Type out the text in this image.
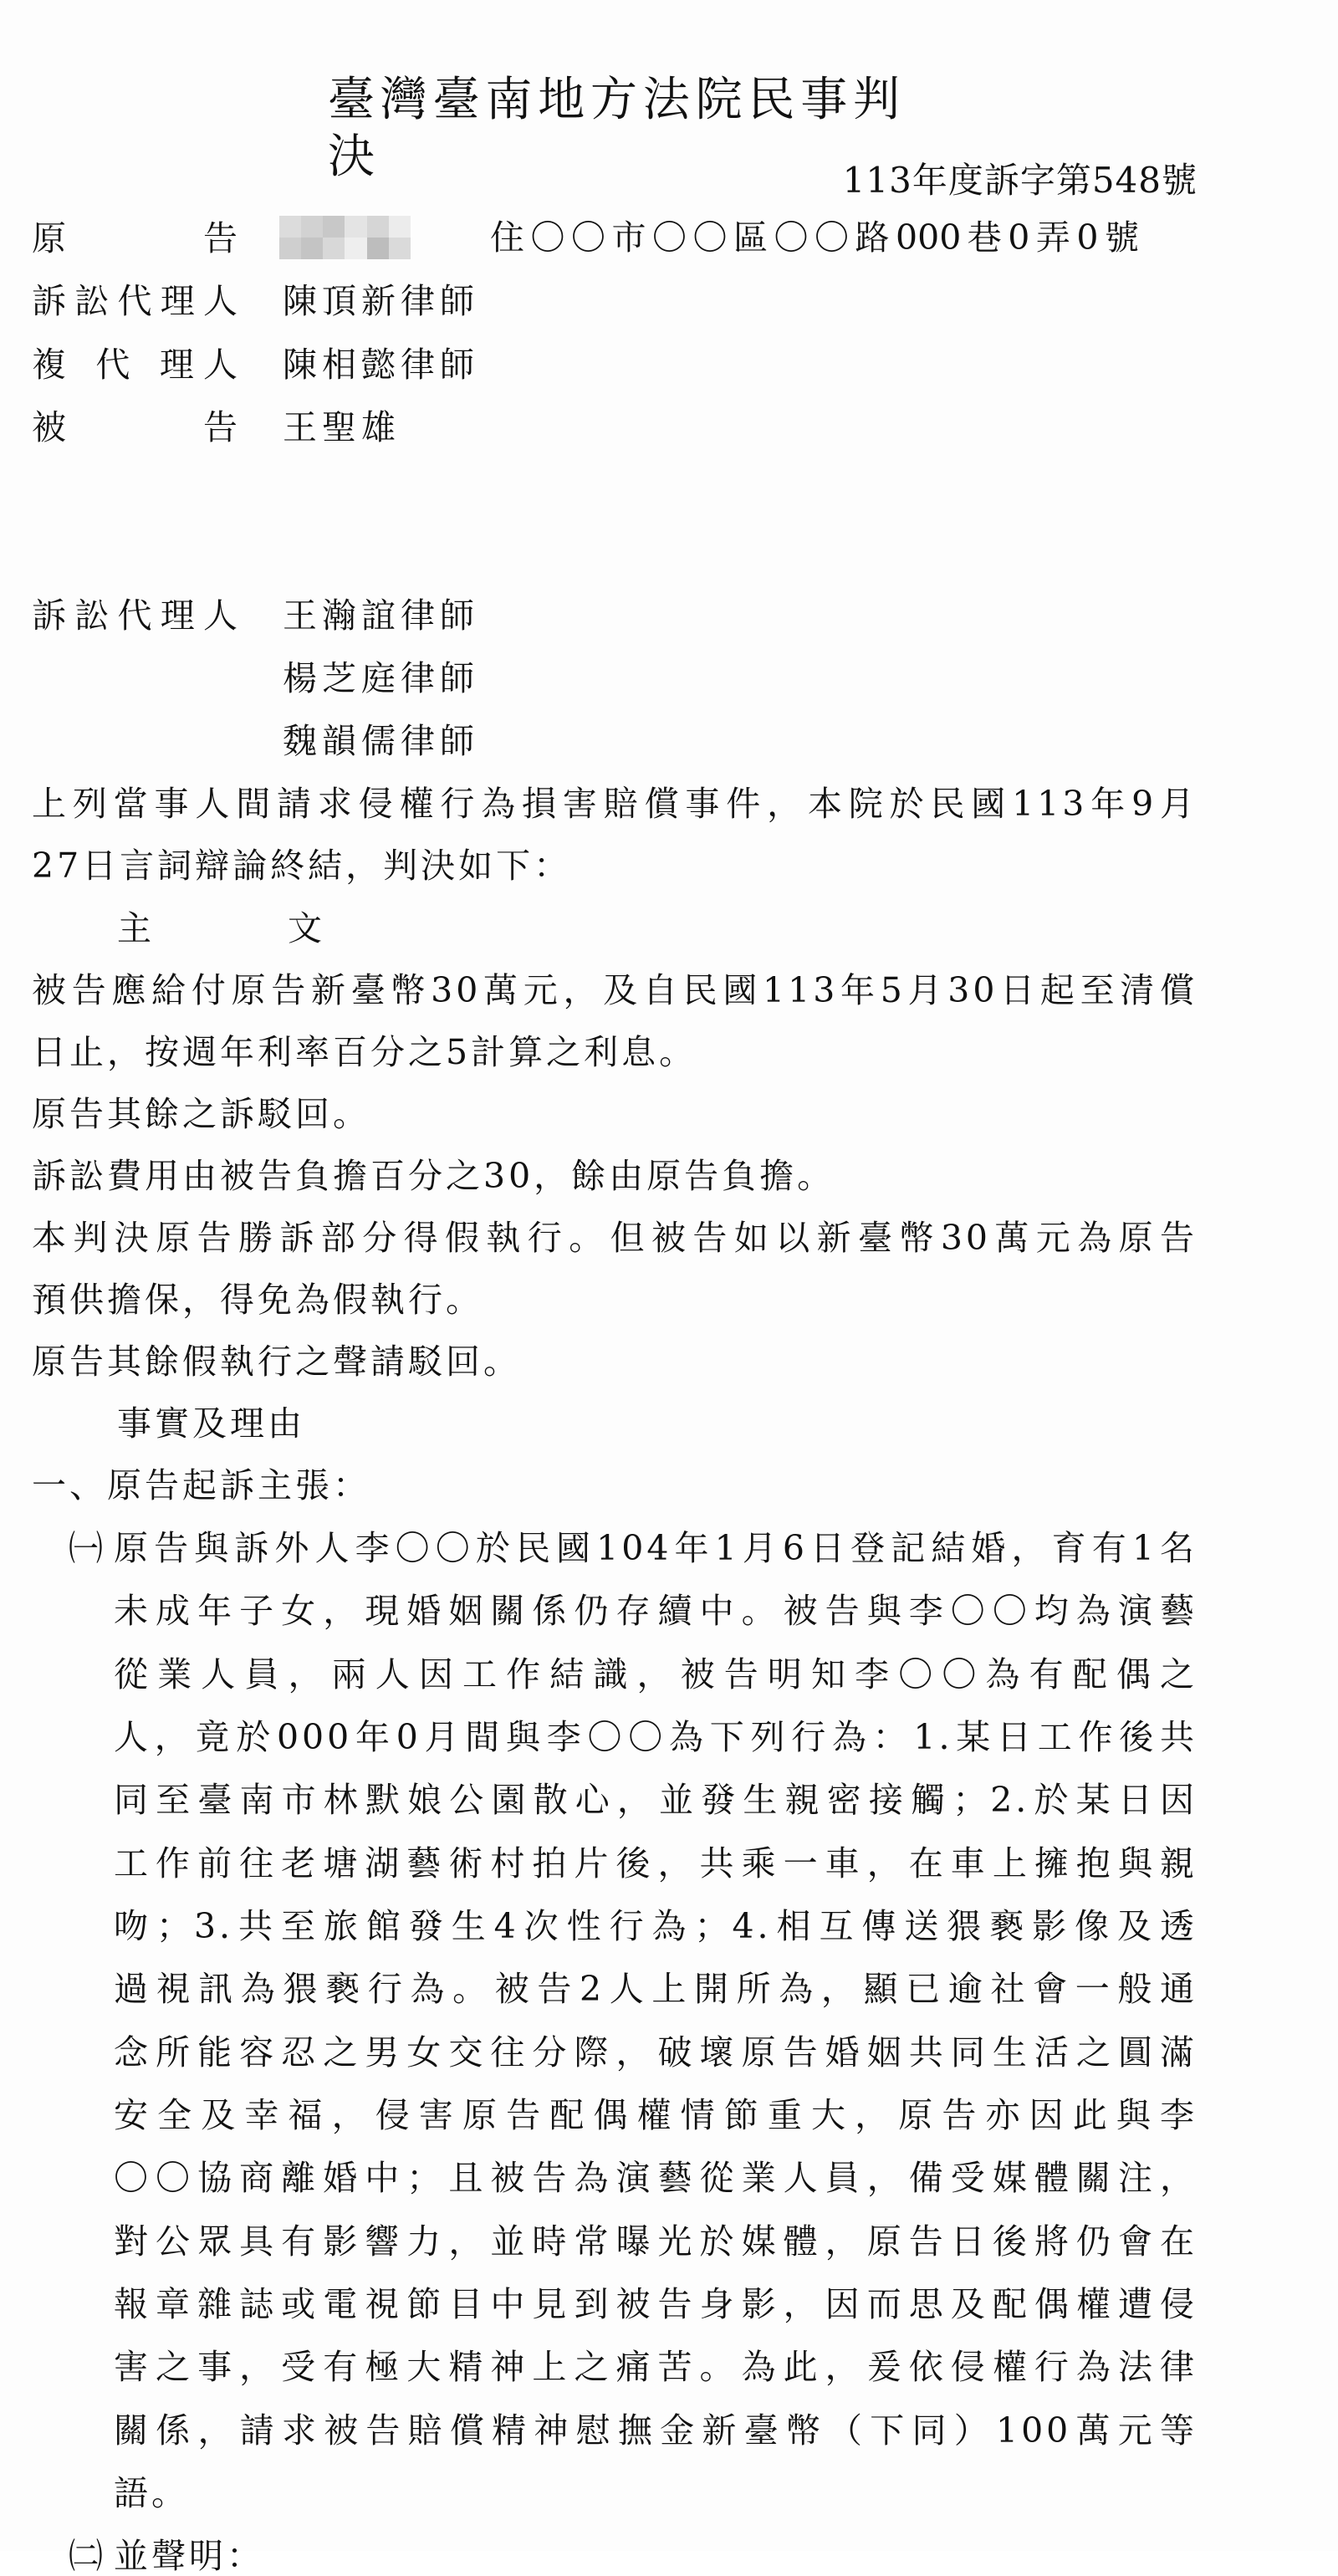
臺灣臺南地方法院民事判決	113年度訴字第548號
原 告	住〇〇市〇〇區〇〇路000巷0弄0號
訴訟代理人 陳頂新律師
複 代 理人 陳相懿律師
被 告 王聖雄
訴訟代理人 王瀚誼律師
楊芝庭律師
魏韻儒律師
上列當事人間請求侵權行為損害賠償事件，本院於民國113年9月
27日言詞辯論終結，判決如下：
主	文
被告應給付原告新臺幣30萬元，及自民國113年5月30日起至清償
日止，按週年利率百分之5計算之利息。
原告其餘之訴駁回。
訴訟費用由被告負擔百分之30，餘由原告負擔。
本判決原告勝訴部分得假執行。但被告如以新臺幣30萬元為原告
預供擔保，得免為假執行。
原告其餘假執行之聲請駁回。
事實及理由
一、原告起訴主張：
㈠ 原告與訴外人李〇〇於民國104年1月6日登記結婚，育有1名
未成年子女，現婚姻關係仍存續中。被告與李〇〇均為演藝
從業人員，兩人因工作結識，被告明知李〇〇為有配偶之
人，竟於000年0月間與李〇〇為下列行為：1.某日工作後共
同至臺南市林默娘公園散心，並發生親密接觸；2.於某日因
工作前往老塘湖藝術村拍片後，共乘一車，在車上擁抱與親
吻；3.共至旅館發生4次性行為；4.相互傳送猥褻影像及透
過視訊為猥褻行為。被告2人上開所為，顯已逾社會一般通
念所能容忍之男女交往分際，破壞原告婚姻共同生活之圓滿
安全及幸福，侵害原告配偶權情節重大，原告亦因此與李
〇〇協商離婚中；且被告為演藝從業人員，備受媒體關注，
對公眾具有影響力，並時常曝光於媒體，原告日後將仍會在
報章雜誌或電視節目中見到被告身影，因而思及配偶權遭侵
害之事，受有極大精神上之痛苦。為此，爰依侵權行為法律
關係，請求被告賠償精神慰撫金新臺幣（下同）100萬元等
語。
㈡ 並聲明：
